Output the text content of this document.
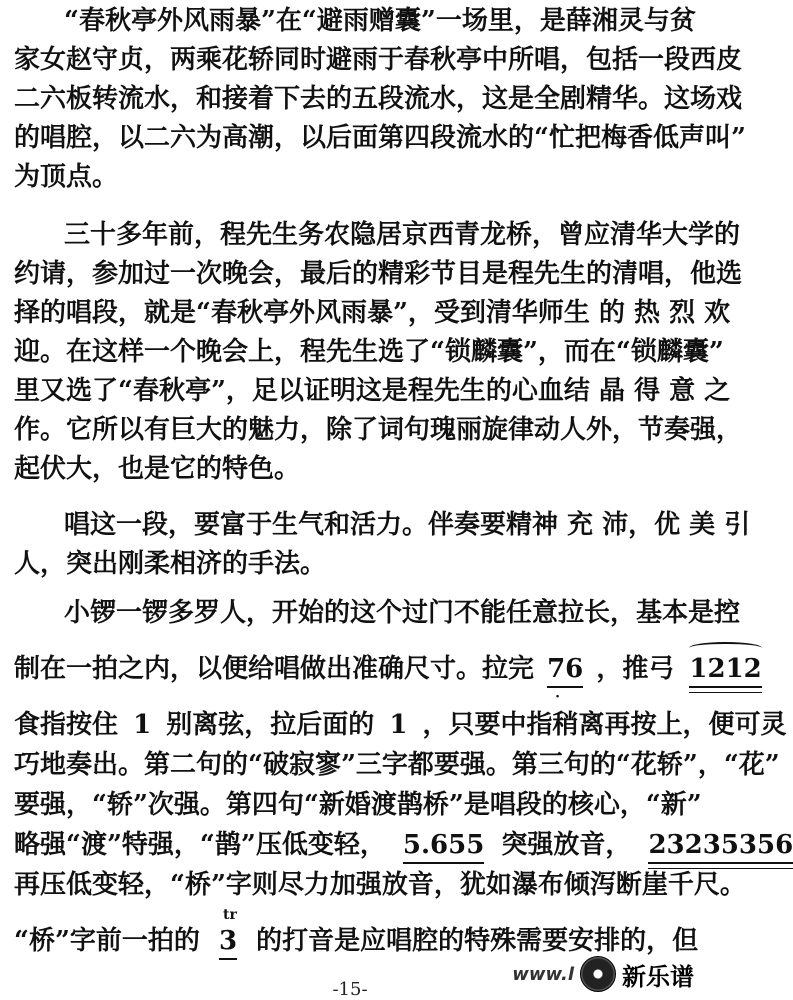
“春秋亭外风雨暴”在“避雨赠囊”一场里，是薛湘灵与贫
家女赵守贞，两乘花轿同时避雨于春秋亭中所唱，包括一段西皮
二六板转流水，和接着下去的五段流水，这是全剧精华。这场戏
的唱腔，以二六为高潮，以后面第四段流水的“忙把梅香低声叫”
为顶点。
三十多年前，程先生务农隐居京西青龙桥，曾应清华大学的
约请，参加过一次晚会，最后的精彩节目是程先生的清唱，他选
择的唱段，就是“春秋亭外风雨暴”，受到清华师生 的 热 烈 欢
迎。在这样一个晚会上，程先生选了“锁麟囊”，而在“锁麟囊”
里又选了“春秋亭”，足以证明这是程先生的心血结 晶 得 意 之
作。它所以有巨大的魅力，除了词句瑰丽旋律动人外，节奏强，
起伏大，也是它的特色。
唱这一段，要富于生气和活力。伴奏要精神 充 沛，优 美 引
人，突出刚柔相济的手法。
小锣一锣多罗人，开始的这个过门不能任意拉长，基本是控
制在一拍之内，以便给唱做出准确尺寸。拉完 76
·
，推弓 1212
食指按住 1 别离弦，拉后面的 1 ，只要中指稍离再按上，便可灵
巧地奏出。第二句的“破寂寥”三字都要强。第三句的“花轿”，“花”
要强，“轿”次强。第四句“新婚渡鹊桥”是唱段的核心，“新”
略强“渡”特强，“鹊”压低变轻， 5.655 突强放音， 23235356
再压低变轻，“桥”字则尽力加强放音，犹如瀑布倾泻断崖千尺。
“桥”字前一拍的
tr
3 的打音是应唱腔的特殊需要安排的，但
-15-
www.l 新乐谱
